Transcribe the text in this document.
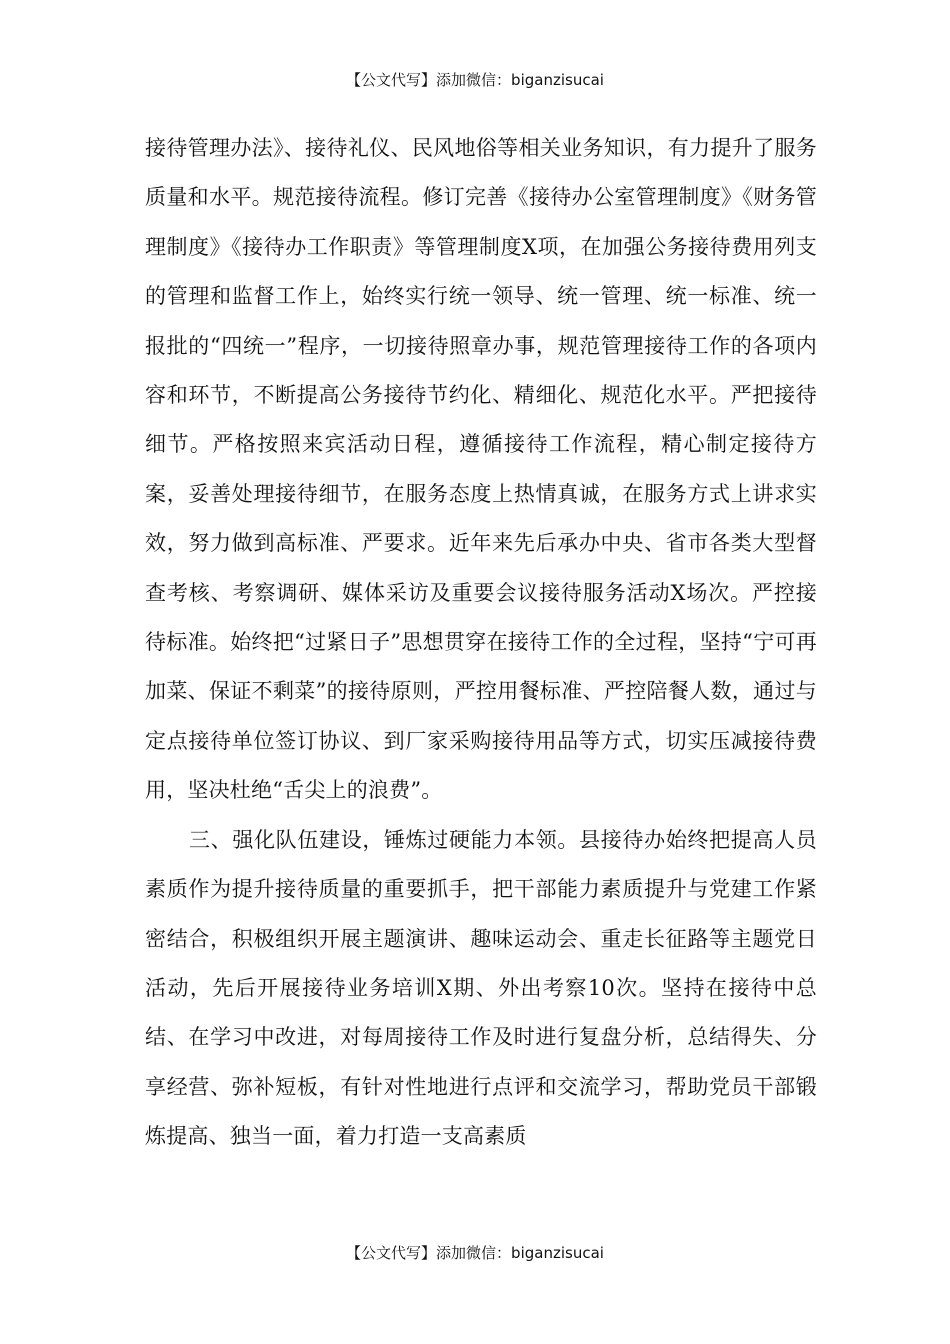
【公文代写】添加微信：biganzisucai

接待管理办法》、接待礼仪、民风地俗等相关业务知识，有力提升了服务质量和水平。规范接待流程。修订完善《接待办公室管理制度》《财务管理制度》《接待办工作职责》等管理制度X项，在加强公务接待费用列支的管理和监督工作上，始终实行统一领导、统一管理、统一标准、统一报批的“四统一”程序，一切接待照章办事，规范管理接待工作的各项内容和环节，不断提高公务接待节约化、精细化、规范化水平。严把接待细节。严格按照来宾活动日程，遵循接待工作流程，精心制定接待方案，妥善处理接待细节，在服务态度上热情真诚，在服务方式上讲求实效，努力做到高标准、严要求。近年来先后承办中央、省市各类大型督查考核、考察调研、媒体采访及重要会议接待服务活动X场次。严控接待标准。始终把“过紧日子”思想贯穿在接待工作的全过程，坚持“宁可再加菜、保证不剩菜”的接待原则，严控用餐标准、严控陪餐人数，通过与定点接待单位签订协议、到厂家采购接待用品等方式，切实压减接待费用，坚决杜绝“舌尖上的浪费”。

三、强化队伍建设，锤炼过硬能力本领。县接待办始终把提高人员素质作为提升接待质量的重要抓手，把干部能力素质提升与党建工作紧密结合，积极组织开展主题演讲、趣味运动会、重走长征路等主题党日活动，先后开展接待业务培训X期、外出考察10次。坚持在接待中总结、在学习中改进，对每周接待工作及时进行复盘分析，总结得失、分享经营、弥补短板，有针对性地进行点评和交流学习，帮助党员干部锻炼提高、独当一面，着力打造一支高素质

【公文代写】添加微信：biganzisucai
